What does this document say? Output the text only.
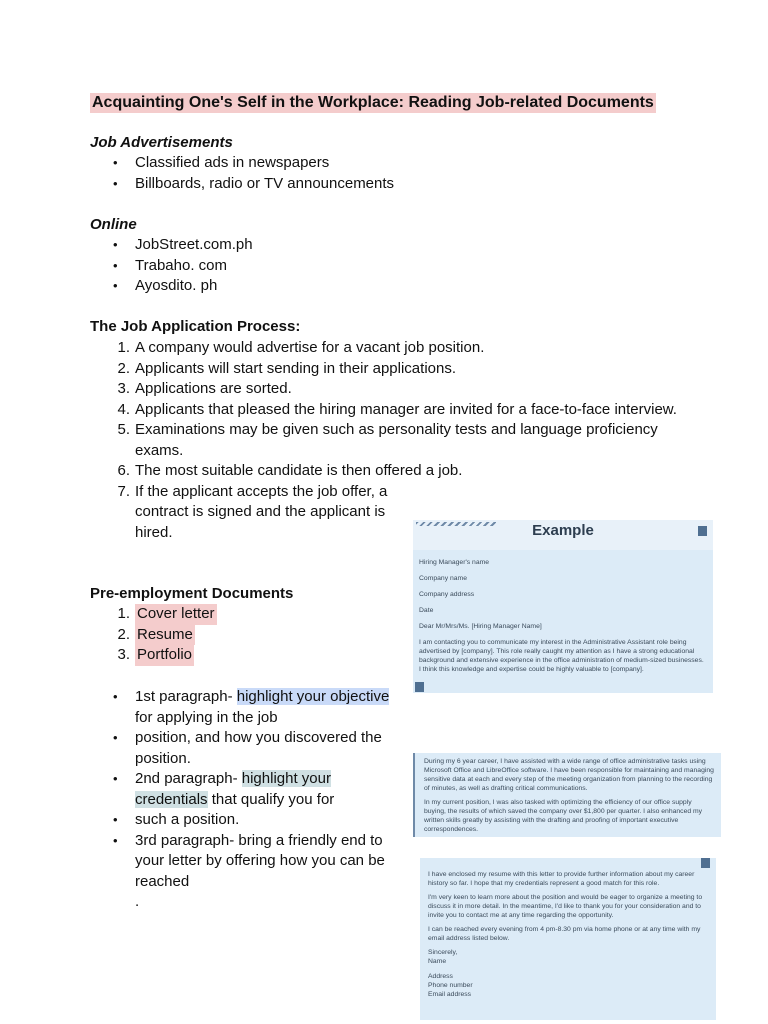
Acquainting One's Self in the Workplace: Reading Job-related Documents
Job Advertisements
• Classified ads in newspapers
• Billboards, radio or TV announcements
Online
• JobStreet.com.ph
• Trabaho. com
• Ayosdito. ph
The Job Application Process:
1. A company would advertise for a vacant job position.
2. Applicants will start sending in their applications.
3. Applications are sorted.
4. Applicants that pleased the hiring manager are invited for a face-to-face interview.
5. Examinations may be given such as personality tests and language proficiency exams.
6. The most suitable candidate is then offered a job.
7. If the applicant accepts the job offer, a
contract is signed and the applicant is
hired.
Pre-employment Documents
1. Cover letter
2. Resume
3. Portfolio
• 1st paragraph- highlight your objective
for applying in the job
• position, and how you discovered the
position.
• 2nd paragraph- highlight your
credentials that qualify you for
• such a position.
• 3rd paragraph- bring a friendly end to
your letter by offering how you can be
reached
.
Example
Hiring Manager's name
Company name
Company address
Date
Dear Mr/Mrs/Ms. [Hiring Manager Name]

I am contacting you to communicate my interest in the Administrative Assistant role being advertised by [company]. This role really caught my attention as I have a strong educational background and extensive experience in the office administration of medium-sized businesses. I think this knowledge and expertise could be highly valuable to [company].

During my 6 year career, I have assisted with a wide range of office administrative tasks using Microsoft Office and LibreOffice software. I have been responsible for maintaining and managing sensitive data at each and every step of the meeting organization from planning to the recording of minutes, as well as drafting critical communications.

In my current position, I was also tasked with optimizing the efficiency of our office supply buying, the results of which saved the company over $1,800 per quarter. I also enhanced my written skills greatly by assisting with the drafting and proofing of important executive correspondences.

I have enclosed my resume with this letter to provide further information about my career history so far. I hope that my credentials represent a good match for this role.

I'm very keen to learn more about the position and would be eager to organize a meeting to discuss it in more detail. In the meantime, I'd like to thank you for your consideration and to invite you to contact me at any time regarding the opportunity.

I can be reached every evening from 4 pm-8.30 pm via home phone or at any time with my email address listed below.

Sincerely,
Name
Address
Phone number
Email address
